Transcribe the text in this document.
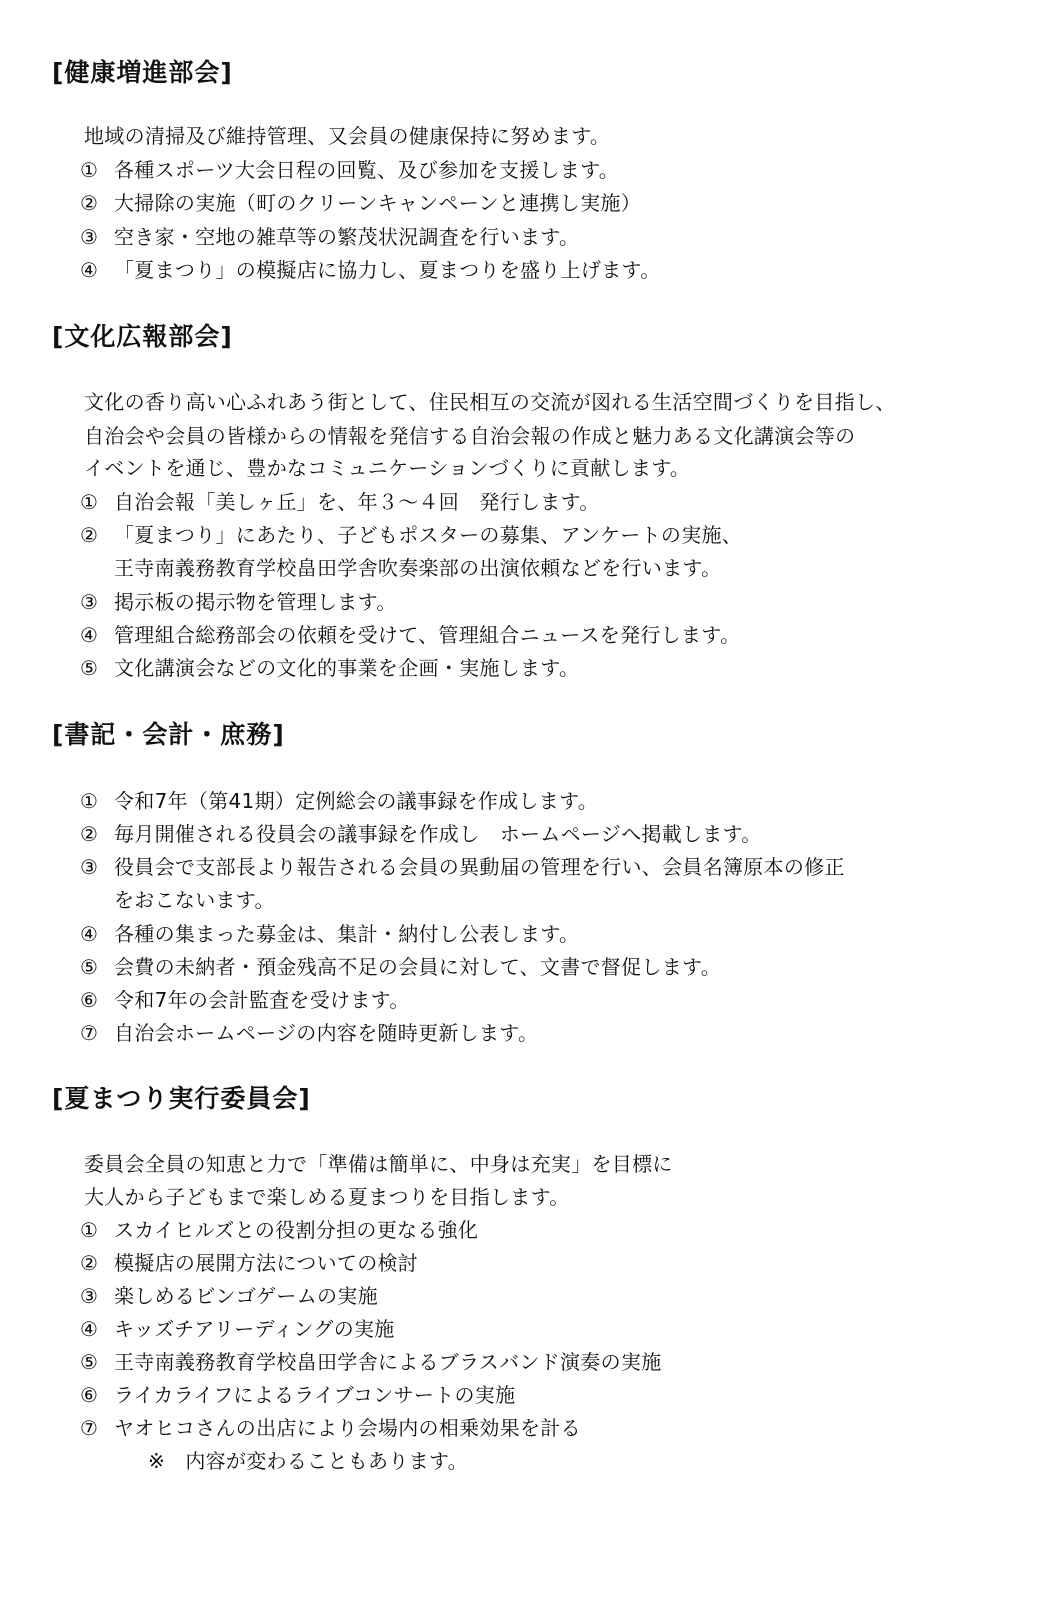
[健康増進部会]
地域の清掃及び維持管理、又会員の健康保持に努めます。
① 各種スポーツ大会日程の回覧、及び参加を支援します。
② 大掃除の実施（町のクリーンキャンペーンと連携し実施）
③ 空き家・空地の雑草等の繁茂状況調査を行います。
④ 「夏まつり」の模擬店に協力し、夏まつりを盛り上げます。
[文化広報部会]
文化の香り高い心ふれあう街として、住民相互の交流が図れる生活空間づくりを目指し、
自治会や会員の皆様からの情報を発信する自治会報の作成と魅力ある文化講演会等の
イベントを通じ、豊かなコミュニケーションづくりに貢献します。
① 自治会報「美しヶ丘」を、年３～４回　発行します。
② 「夏まつり」にあたり、子どもポスターの募集、アンケートの実施、
王寺南義務教育学校畠田学舎吹奏楽部の出演依頼などを行います。
③ 掲示板の掲示物を管理します。
④ 管理組合総務部会の依頼を受けて、管理組合ニュースを発行します。
⑤ 文化講演会などの文化的事業を企画・実施します。
[書記・会計・庶務]
① 令和7年（第41期）定例総会の議事録を作成します。
② 毎月開催される役員会の議事録を作成し　ホームページへ掲載します。
③ 役員会で支部長より報告される会員の異動届の管理を行い、会員名簿原本の修正
をおこないます。
④ 各種の集まった募金は、集計・納付し公表します。
⑤ 会費の未納者・預金残高不足の会員に対して、文書で督促します。
⑥ 令和7年の会計監査を受けます。
⑦ 自治会ホームページの内容を随時更新します。
[夏まつり実行委員会]
委員会全員の知恵と力で「準備は簡単に、中身は充実」を目標に
大人から子どもまで楽しめる夏まつりを目指します。
① スカイヒルズとの役割分担の更なる強化
② 模擬店の展開方法についての検討
③ 楽しめるビンゴゲームの実施
④ キッズチアリーディングの実施
⑤ 王寺南義務教育学校畠田学舎によるブラスバンド演奏の実施
⑥ ライカライフによるライブコンサートの実施
⑦ ヤオヒコさんの出店により会場内の相乗効果を計る
※　内容が変わることもあります。
